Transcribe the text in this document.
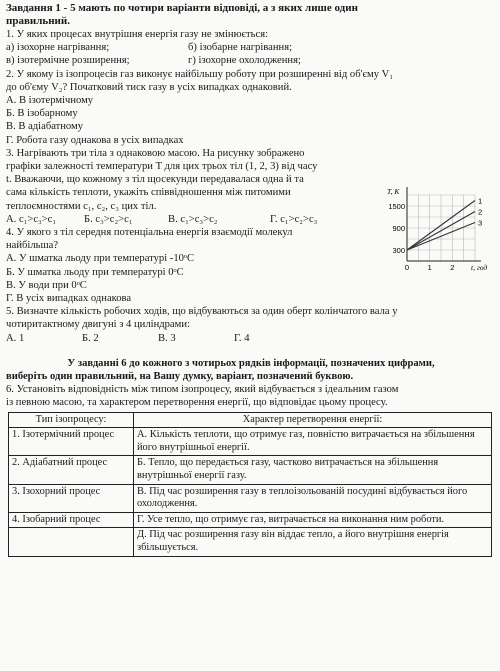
Завдання 1 - 5 мають по чотири варіанти відповіді, а з яких лише один
правильний.
1. У яких процесах внутрішня енергія газу не змінюється:
а) ізохорне нагрівання;	б) ізобарне нагрівання;
в) ізотермічне розширення;	г) ізохорне охолодження;
2. У якому із ізопроцесів газ виконує найбільшу роботу при розширенні від об'єму V₁
до об'єму V₂? Початковий тиск газу в усіх випадках однаковий.
А. В ізотермічному
Б. В ізобарному
В. В адіабатному
Г. Робота газу однакова в усіх випадках
3. Нагрівають три тіла з однаковою масою. На рисунку зображено
графіки залежності температури T для цих трьох тіл (1, 2, 3) від часу
t. Вважаючи, що кожному з тіл щосекунди передавалася одна й та
сама кількість теплоти, укажіть співвідношення між питомими
теплоємностями c₁, c₂, c₃ цих тіл.
А. c₁>c₃>c₁	Б. c₃>c₂>c₁	В. c₁>c₃>c₂	Г. c₁>c₂>c₃
4. У якого з тіл середня потенціальна енергія взаємодії молекул
найбільша?
А. У шматка льоду при температурі -10ᵒC
Б. У шматка льоду при температурі 0ᵒC
В. У води при 0ᵒC
Г. В усіх випадках однакова
5. Визначте кількість робочих ходів, що відбуваються за один оберт колінчатого вала у
чотиритактному двигуні з 4 циліндрами:
А. 1	Б. 2	В. 3	Г. 4
У завданні 6 до кожного з чотирьох рядків інформації, позначених цифрами,
виберіть один правильний, на Вашу думку, варіант, позначений буквою.
6. Установіть відповідність між типом ізопроцесу, який відбувається з ідеальним газом
із певною масою, та характером перетворення енергії, що відповідає цьому процесу.
Тип ізопроцесу:	Характер перетворення енергії:
1. Ізотермічний процес	А. Кількість теплоти, що отримує газ, повністю витрачається на збільшення його внутрішньої енергії.
2. Адіабатний процес	Б. Тепло, що передається газу, частково витрачається на збільшення внутрішньої енергії газу.
3. Ізохорний процес	В. Під час розширення газу в теплоізольованій посудині відбувається його охолодження.
4. Ізобарний процес	Г. Усе тепло, що отримує газ, витрачається на виконання ним роботи.
	Д. Під час розширення газу він віддає тепло, а його внутрішня енергія збільшується.
1500
900
300
0 1 2
T, K
t, год
1
2
3
